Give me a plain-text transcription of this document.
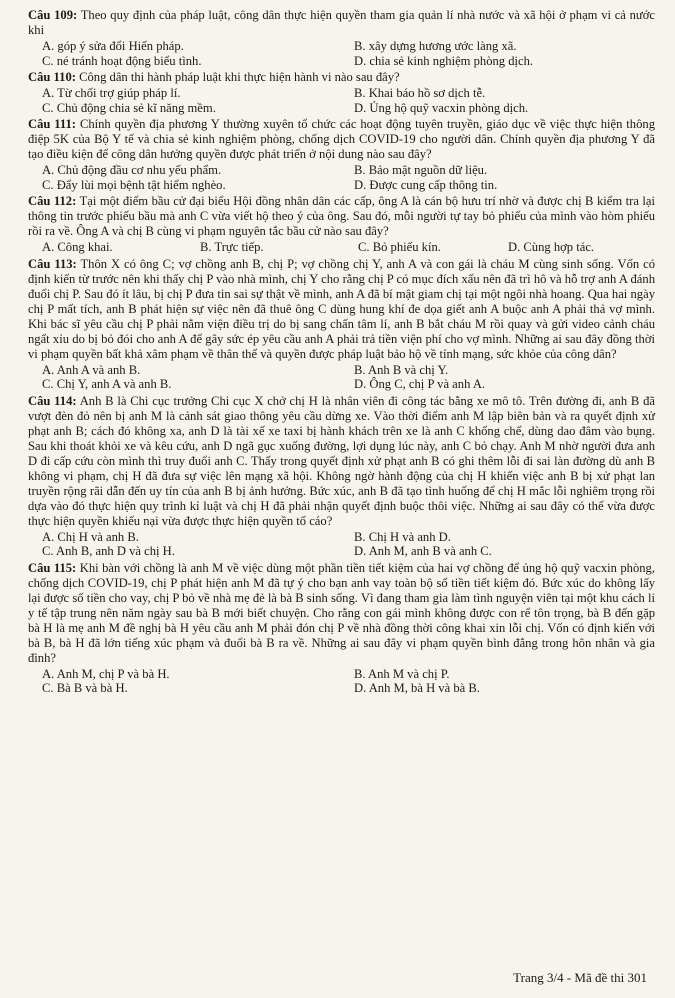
Câu 109: Theo quy định của pháp luật, công dân thực hiện quyền tham gia quản lí nhà nước và xã hội ở phạm vi cả nước khi

A. góp ý sửa đổi Hiến pháp.	B. xây dựng hương ước làng xã.
C. né tránh hoạt động biểu tình.	D. chia sẻ kinh nghiệm phòng dịch.

Câu 110: Công dân thi hành pháp luật khi thực hiện hành vi nào sau đây?

A. Từ chối trợ giúp pháp lí.	B. Khai báo hồ sơ dịch tễ.
C. Chủ động chia sẻ kĩ năng mềm.	D. Ủng hộ quỹ vacxin phòng dịch.

Câu 111: Chính quyền địa phương Y thường xuyên tổ chức các hoạt động tuyên truyền, giáo dục về việc thực hiện thông điệp 5K của Bộ Y tế và chia sẻ kinh nghiệm phòng, chống dịch COVID-19 cho người dân. Chính quyền địa phương Y đã tạo điều kiện để công dân hưởng quyền được phát triển ở nội dung nào sau đây?

A. Chủ động đầu cơ nhu yếu phẩm.	B. Bảo mật nguồn dữ liệu.
C. Đẩy lùi mọi bệnh tật hiểm nghèo.	D. Được cung cấp thông tin.

Câu 112: Tại một điểm bầu cử đại biểu Hội đồng nhân dân các cấp, ông A là cán bộ hưu trí nhờ và được chị B kiểm tra lại thông tin trước phiếu bầu mà anh C vừa viết hộ theo ý của ông. Sau đó, mỗi người tự tay bỏ phiếu của mình vào hòm phiếu rồi ra về. Ông A và chị B cùng vi phạm nguyên tắc bầu cử nào sau đây?

A. Công khai.	B. Trực tiếp.	C. Bỏ phiếu kín.	D. Cùng hợp tác.

Câu 113: Thôn X có ông C; vợ chồng anh B, chị P; vợ chồng chị Y, anh A và con gái là cháu M cùng sinh sống. Vốn có định kiến từ trước nên khi thấy chị P vào nhà mình, chị Y cho rằng chị P có mục đích xấu nên đã trì hô và hỗ trợ anh A đánh đuổi chị P. Sau đó ít lâu, bị chị P đưa tin sai sự thật về mình, anh A đã bí mật giam chị tại một ngôi nhà hoang. Qua hai ngày chị P mất tích, anh B phát hiện sự việc nên đã thuê ông C dùng hung khí đe dọa giết anh A buộc anh A phải thả vợ mình. Khi bác sĩ yêu cầu chị P phải nằm viện điều trị do bị sang chấn tâm lí, anh B bắt cháu M rồi quay và gửi video cảnh cháu ngất xỉu do bị bỏ đói cho anh A để gây sức ép yêu cầu anh A phải trả tiền viện phí cho vợ mình. Những ai sau đây đồng thời vi phạm quyền bất khả xâm phạm về thân thể và quyền được pháp luật bảo hộ về tính mạng, sức khỏe của công dân?

A. Anh A và anh B.	B. Anh B và chị Y.
C. Chị Y, anh A và anh B.	D. Ông C, chị P và anh A.

Câu 114: Anh B là Chi cục trưởng Chi cục X chở chị H là nhân viên đi công tác bằng xe mô tô. Trên đường đi, anh B đã vượt đèn đỏ nên bị anh M là cảnh sát giao thông yêu cầu dừng xe. Vào thời điểm anh M lập biên bản và ra quyết định xử phạt anh B; cách đó không xa, anh D là tài xế xe taxi bị hành khách trên xe là anh C khống chế, dùng dao đâm vào bụng. Sau khi thoát khỏi xe và kêu cứu, anh D ngã gục xuống đường, lợi dụng lúc này, anh C bỏ chạy. Anh M nhờ người đưa anh D đi cấp cứu còn mình thì truy đuổi anh C. Thấy trong quyết định xử phạt anh B có ghi thêm lỗi đi sai làn đường dù anh B không vi phạm, chị H đã đưa sự việc lên mạng xã hội. Không ngờ hành động của chị H khiến việc anh B bị xử phạt lan truyền rộng rãi dẫn đến uy tín của anh B bị ảnh hưởng. Bức xúc, anh B đã tạo tình huống để chị H mắc lỗi nghiêm trọng rồi dựa vào đó thực hiện quy trình kỉ luật và chị H đã phải nhận quyết định buộc thôi việc. Những ai sau đây có thể vừa được thực hiện quyền khiếu nại vừa được thực hiện quyền tố cáo?

A. Chị H và anh B.	B. Chị H và anh D.
C. Anh B, anh D và chị H.	D. Anh M, anh B và anh C.

Câu 115: Khi bàn với chồng là anh M về việc dùng một phần tiền tiết kiệm của hai vợ chồng để ủng hộ quỹ vacxin phòng, chống dịch COVID-19, chị P phát hiện anh M đã tự ý cho bạn anh vay toàn bộ số tiền tiết kiệm đó. Bức xúc do không lấy lại được số tiền cho vay, chị P bỏ về nhà mẹ đẻ là bà B sinh sống. Vì đang tham gia làm tình nguyện viên tại một khu cách li y tế tập trung nên năm ngày sau bà B mới biết chuyện. Cho rằng con gái mình không được con rể tôn trọng, bà B đến gặp bà H là mẹ anh M đề nghị bà H yêu cầu anh M phải đón chị P về nhà đồng thời công khai xin lỗi chị. Vốn có định kiến với bà B, bà H đã lớn tiếng xúc phạm và đuổi bà B ra về. Những ai sau đây vi phạm quyền bình đẳng trong hôn nhân và gia đình?

A. Anh M, chị P và bà H.	B. Anh M và chị P.
C. Bà B và bà H.	D. Anh M, bà H và bà B.
Trang 3/4 - Mã đề thi 301
